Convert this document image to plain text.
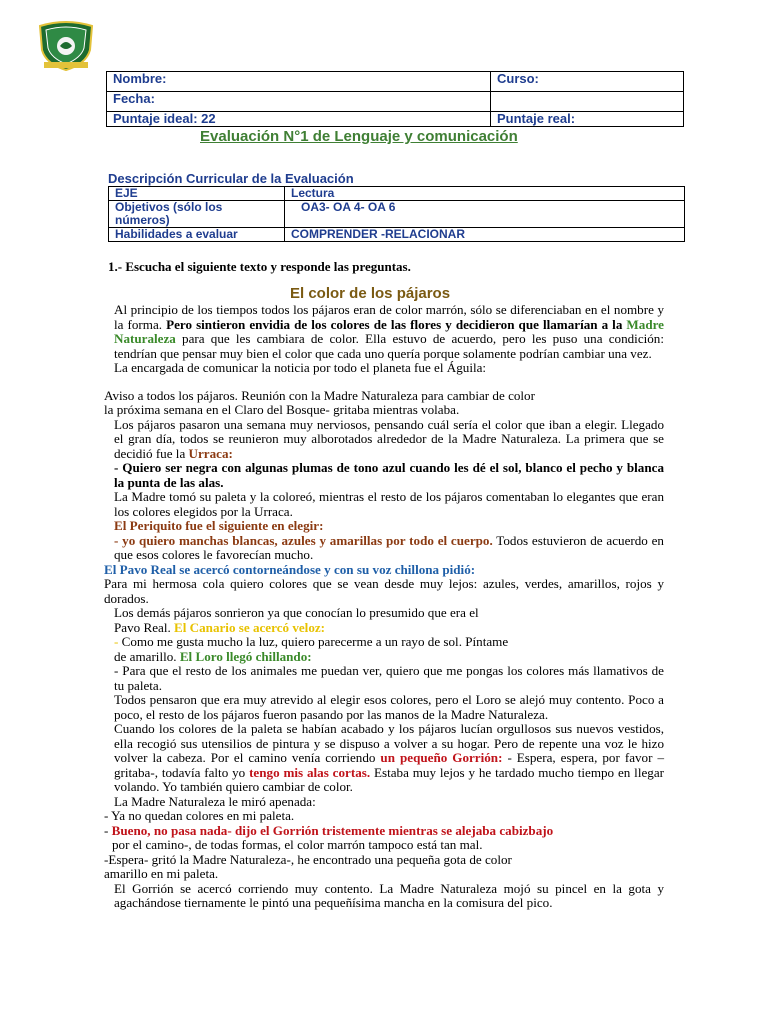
Nombre:	Curso:
Fecha:	
Puntaje ideal: 22	Puntaje real:
Evaluación N°1 de Lenguaje y comunicación
Descripción Curricular de la Evaluación
EJE	Lectura
Objetivos (sólo los números)	OA3- OA 4- OA 6
Habilidades a evaluar	COMPRENDER -RELACIONAR
1.- Escucha el siguiente texto y responde las preguntas.
El color de los pájaros

Al principio de los tiempos todos los pájaros eran de color marrón, sólo se diferenciaban en el nombre y la forma. Pero sintieron envidia de los colores de las flores y decidieron que llamarían a la Madre Naturaleza para que les cambiara de color. Ella estuvo de acuerdo, pero les puso una condición: tendrían que pensar muy bien el color que cada uno quería porque solamente podrían cambiar una vez.

La encargada de comunicar la noticia por todo el planeta fue el Águila:

Aviso a todos los pájaros. Reunión con la Madre Naturaleza para cambiar de color

la próxima semana en el Claro del Bosque- gritaba mientras volaba.

Los pájaros pasaron una semana muy nerviosos, pensando cuál sería el color que iban a elegir. Llegado el gran día, todos se reunieron muy alborotados alrededor de la Madre Naturaleza. La primera que se decidió fue la Urraca:

- Quiero ser negra con algunas plumas de tono azul cuando les dé el sol, blanco el pecho y blanca la punta de las alas.

La Madre tomó su paleta y la coloreó, mientras el resto de los pájaros comentaban lo elegantes que eran los colores elegidos por la Urraca.

El Periquito fue el siguiente en elegir:

- yo quiero manchas blancas, azules y amarillas por todo el cuerpo. Todos estuvieron de acuerdo en que esos colores le favorecían mucho.

El Pavo Real se acercó contorneándose y con su voz chillona pidió:

Para mi hermosa cola quiero colores que se vean desde muy lejos: azules, verdes, amarillos, rojos y dorados.

Los demás pájaros sonrieron ya que conocían lo presumido que era el

Pavo Real. El Canario se acercó veloz:

- Como me gusta mucho la luz, quiero parecerme a un rayo de sol. Píntame

de amarillo. El Loro llegó chillando:

- Para que el resto de los animales me puedan ver, quiero que me pongas los colores más llamativos de tu paleta.

Todos pensaron que era muy atrevido al elegir esos colores, pero el Loro se alejó muy contento. Poco a poco, el resto de los pájaros fueron pasando por las manos de la Madre Naturaleza.

Cuando los colores de la paleta se habían acabado y los pájaros lucían orgullosos sus nuevos vestidos, ella recogió sus utensilios de pintura y se dispuso a volver a su hogar. Pero de repente una voz le hizo volver la cabeza. Por el camino venía corriendo un pequeño Gorrión: - Espera, espera, por favor – gritaba-, todavía falto yo tengo mis alas cortas. Estaba muy lejos y he tardado mucho tiempo en llegar volando. Yo también quiero cambiar de color.

La Madre Naturaleza le miró apenada:

- Ya no quedan colores en mi paleta.

- Bueno, no pasa nada- dijo el Gorrión tristemente mientras se alejaba cabizbajo

por el camino-, de todas formas, el color marrón tampoco está tan mal.

-Espera- gritó la Madre Naturaleza-, he encontrado una pequeña gota de color

amarillo en mi paleta.

El Gorrión se acercó corriendo muy contento. La Madre Naturaleza mojó su pincel en la gota y agachándose tiernamente le pintó una pequeñísima mancha en la comisura del pico.
